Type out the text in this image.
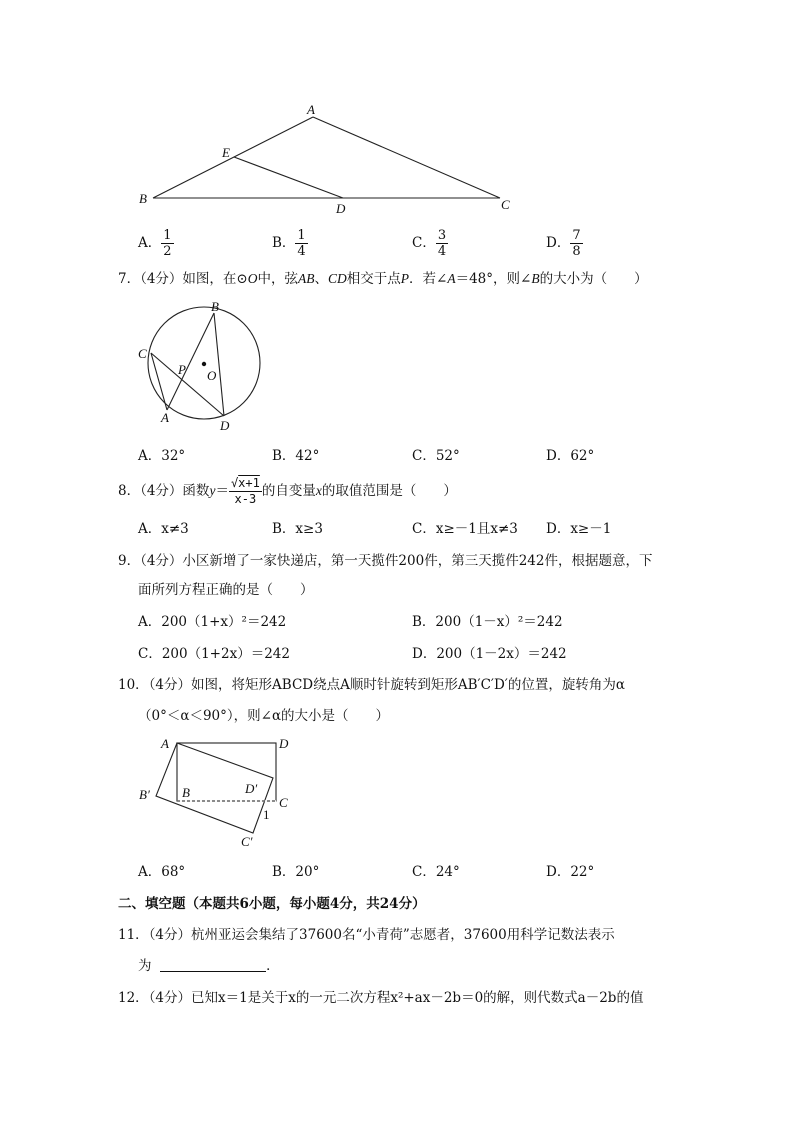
A
E
B
D	C
A． $\frac{1}{2}$	B． $\frac{1}{4}$	C． $\frac{3}{4}$	D． $\frac{7}{8}$
7．（4分）如图，在⊙O中，弦AB、CD相交于点P．若∠A＝48°，则∠B的大小为（　　）
B
C
P O
A
D
A．32°	B．42°	C．52°	D．62°
8．（4分）函数$y= \frac{√x+1}{x-3}$ 的自变量x的取值范围是（　　）
A．x≠3	B．x≥3	C．x≥－1且x≠3 D．x≥－1
9．（4分）小区新增了一家快递店，第一天揽件200件，第三天揽件242件，根据题意，下
面所列方程正确的是（　　）
A．200（1+x）²＝242	B．200（1－x）²＝242
C．200（1+2x）＝242	D．200（1－2x）＝242
10．（4分）如图，将矩形ABCD绕点A顺时针旋转到矩形AB′C′D′的位置，旋转角为α
（0°＜α＜90°），则∠α的大小是（　　）
A	D
B′ B	D′
C
1
C′
A．68°	B．20°	C．24°	D．22°
二、填空题（本题共6小题，每小题4分，共24分）
11．（4分）杭州亚运会集结了37600名“小青荷”志愿者，37600用科学记数法表示
为	．
12．（4分）已知x＝1是关于x的一元二次方程x²+ax－2b＝0的解，则代数式a－2b的值
